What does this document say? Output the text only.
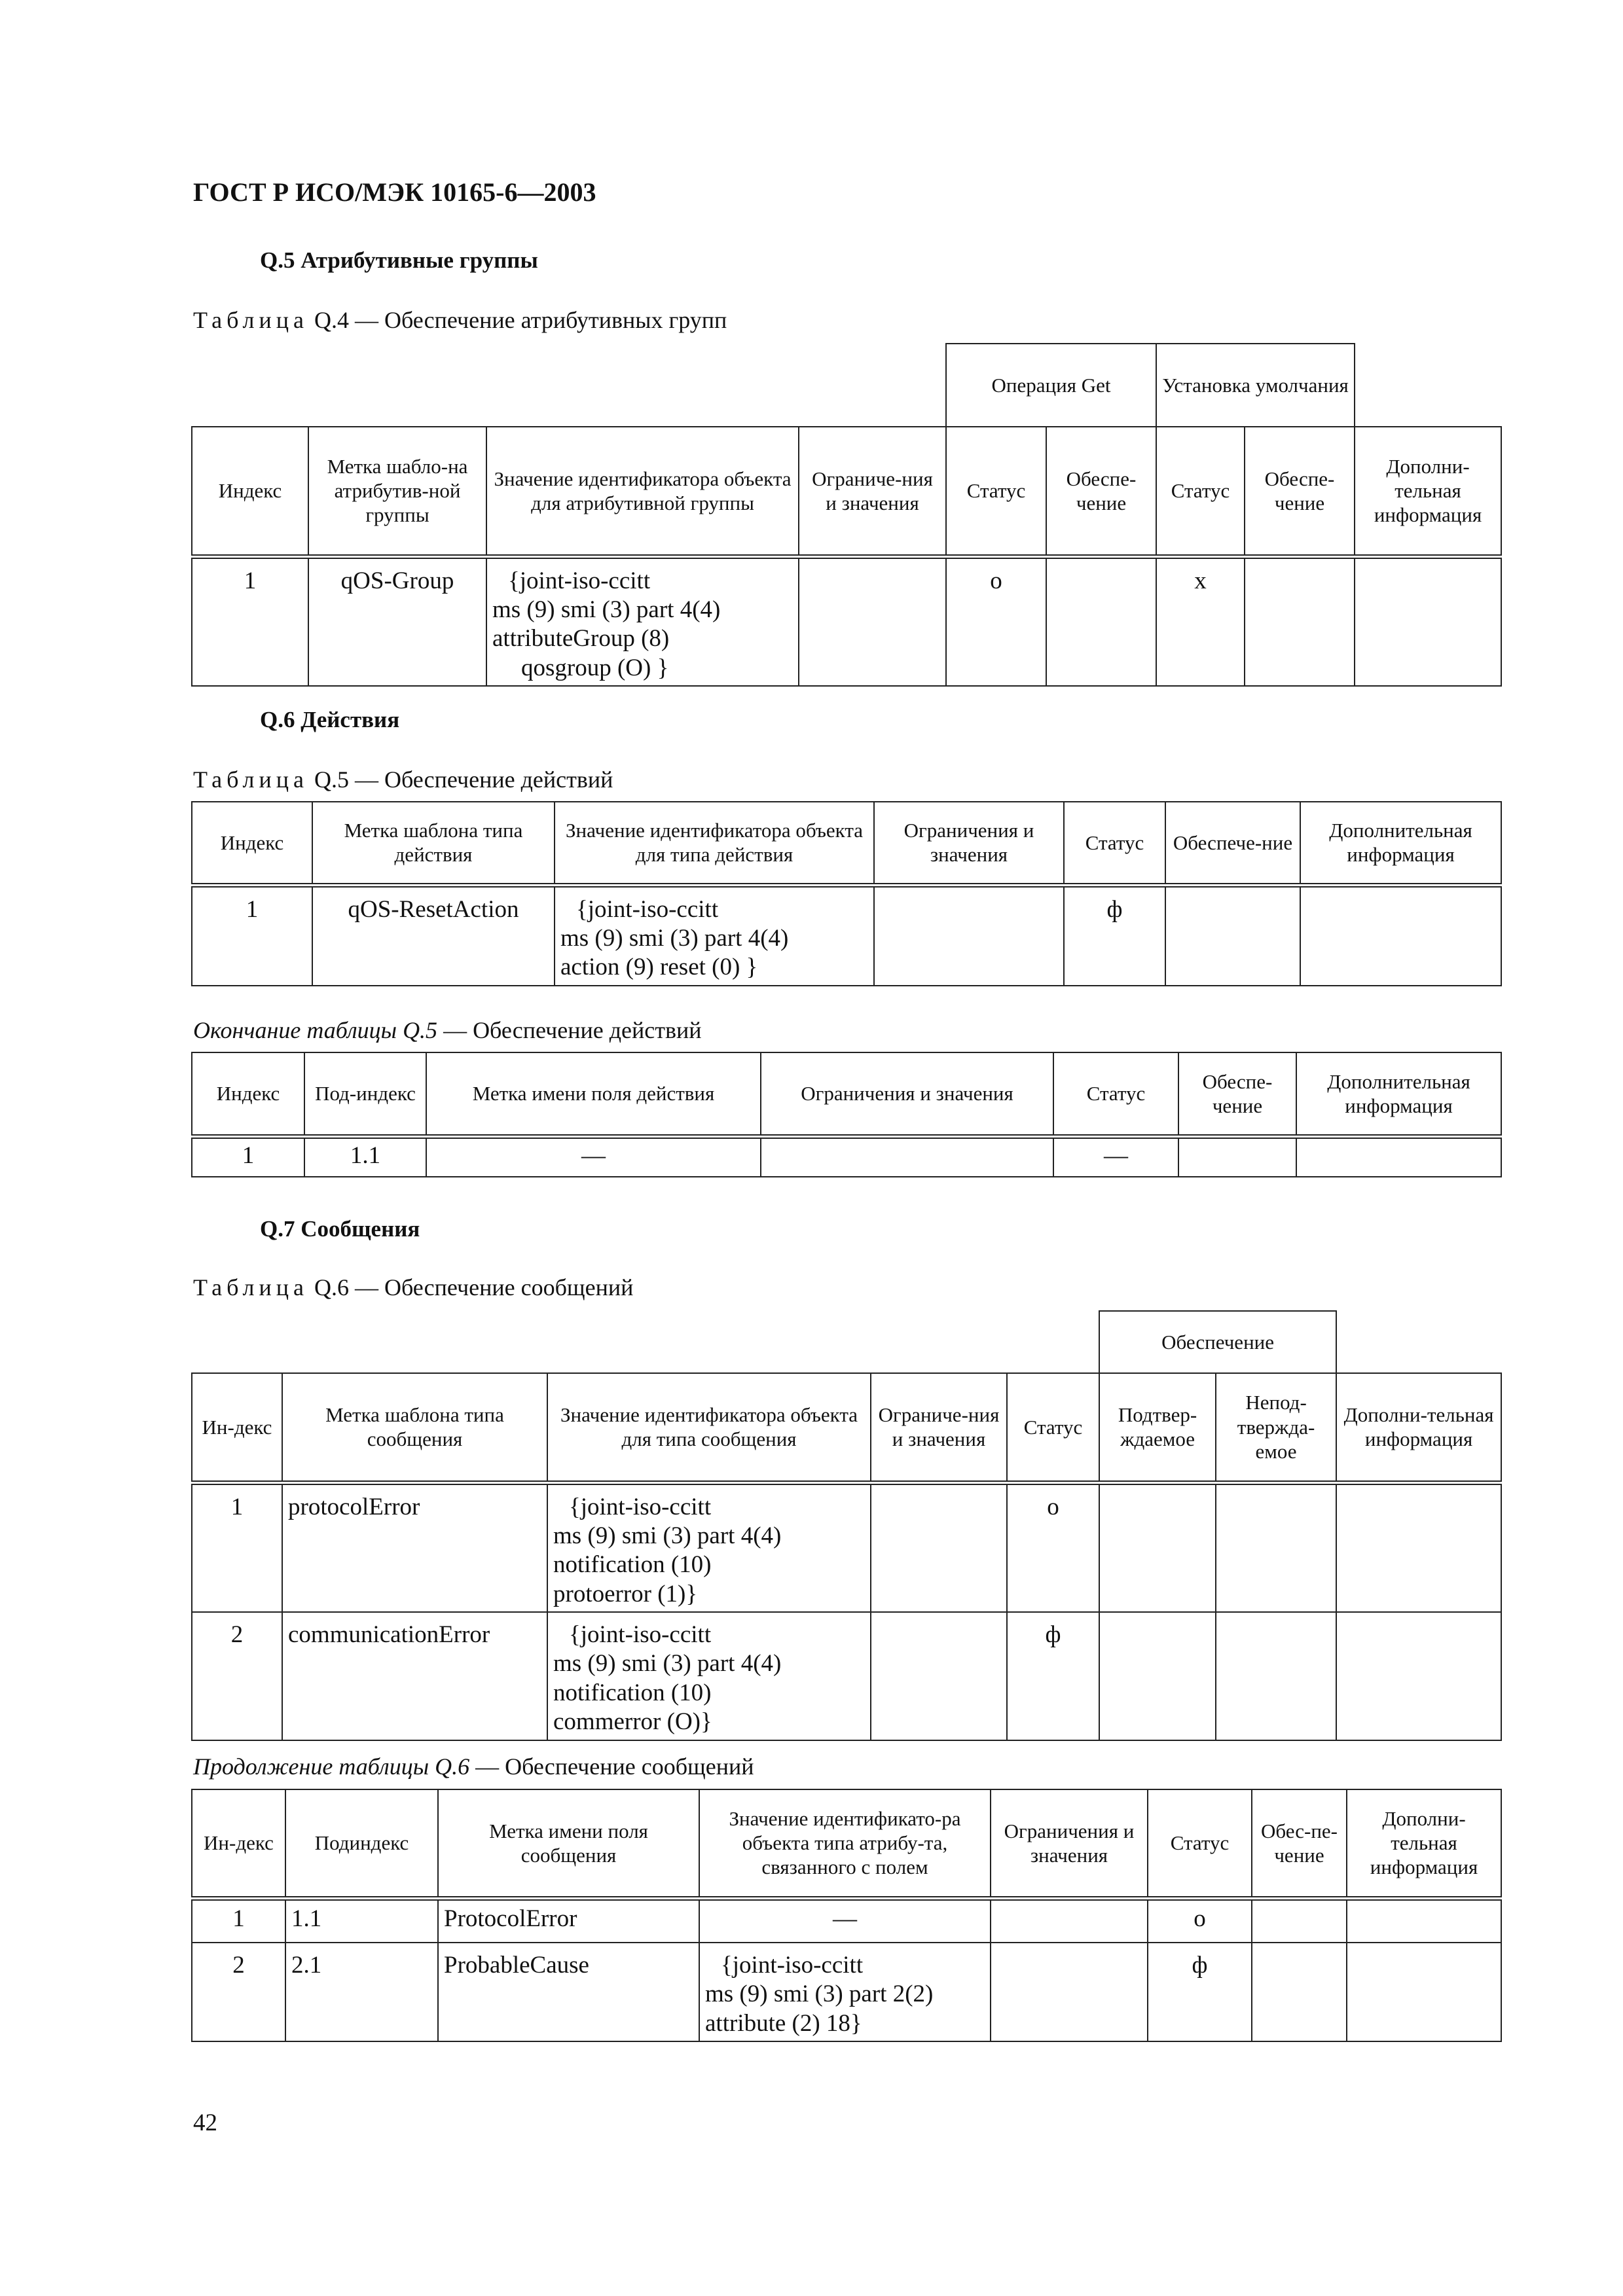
ГОСТ Р ИСО/МЭК 10165-6—2003
Q.5 Атрибутивные группы
Таблица Q.4 — Обеспечение атрибутивных групп
				Операция Get		Установка умолчания		
Индекс	Метка шабло-на атрибутив-ной группы	Значение идентификатора объекта для атрибутивной группы	Ограниче-ния и значения	Статус	Обеспе-чение	Статус	Обеспе-чение	Дополни-тельная информация
1	qOS-Group	{joint-iso-ccitt
ms (9) smi (3) part 4(4)
attributeGroup (8)
qosgroup (O) }		o		x		
Q.6 Действия
Таблица Q.5 — Обеспечение действий
Индекс	Метка шаблона типа действия	Значение идентификатора объекта для типа действия	Ограничения и значения	Статус	Обеспече-ние	Дополнительная информация
1	qOS-ResetAction	{joint-iso-ccitt
ms (9) smi (3) part 4(4)
action (9) reset (0) }		ф		
Окончание таблицы Q.5 — Обеспечение действий
Индекс	Под-индекс	Метка имени поля действия	Ограничения и значения	Статус	Обеспе-чение	Дополнительная информация
1	1.1	—		—		
Q.7 Сообщения
Таблица Q.6 — Обеспечение сообщений
					Обеспечение		
Ин-декс	Метка шаблона типа сообщения	Значение идентификатора объекта для типа сообщения	Ограниче-ния и значения	Статус	Подтвер-ждаемое	Непод-твержда-емое	Дополни-тельная информация
1	protocolError	{joint-iso-ccitt
ms (9) smi (3) part 4(4)
notification (10)
protoerror (1)}		o			
2	communicationError	{joint-iso-ccitt
ms (9) smi (3) part 4(4)
notification (10)
commerror (O)}		ф			
Продолжение таблицы Q.6 — Обеспечение сообщений
Ин-декс	Подиндекс	Метка имени поля сообщения	Значение идентификато-ра объекта типа атрибу-та, связанного с полем	Ограничения и значения	Статус	Обес-пе-чение	Дополни-тельная информация
1	1.1	ProtocolError	—		o		
2	2.1	ProbableCause	{joint-iso-ccitt
ms (9) smi (3) part 2(2)
attribute (2) 18}		ф		
42
